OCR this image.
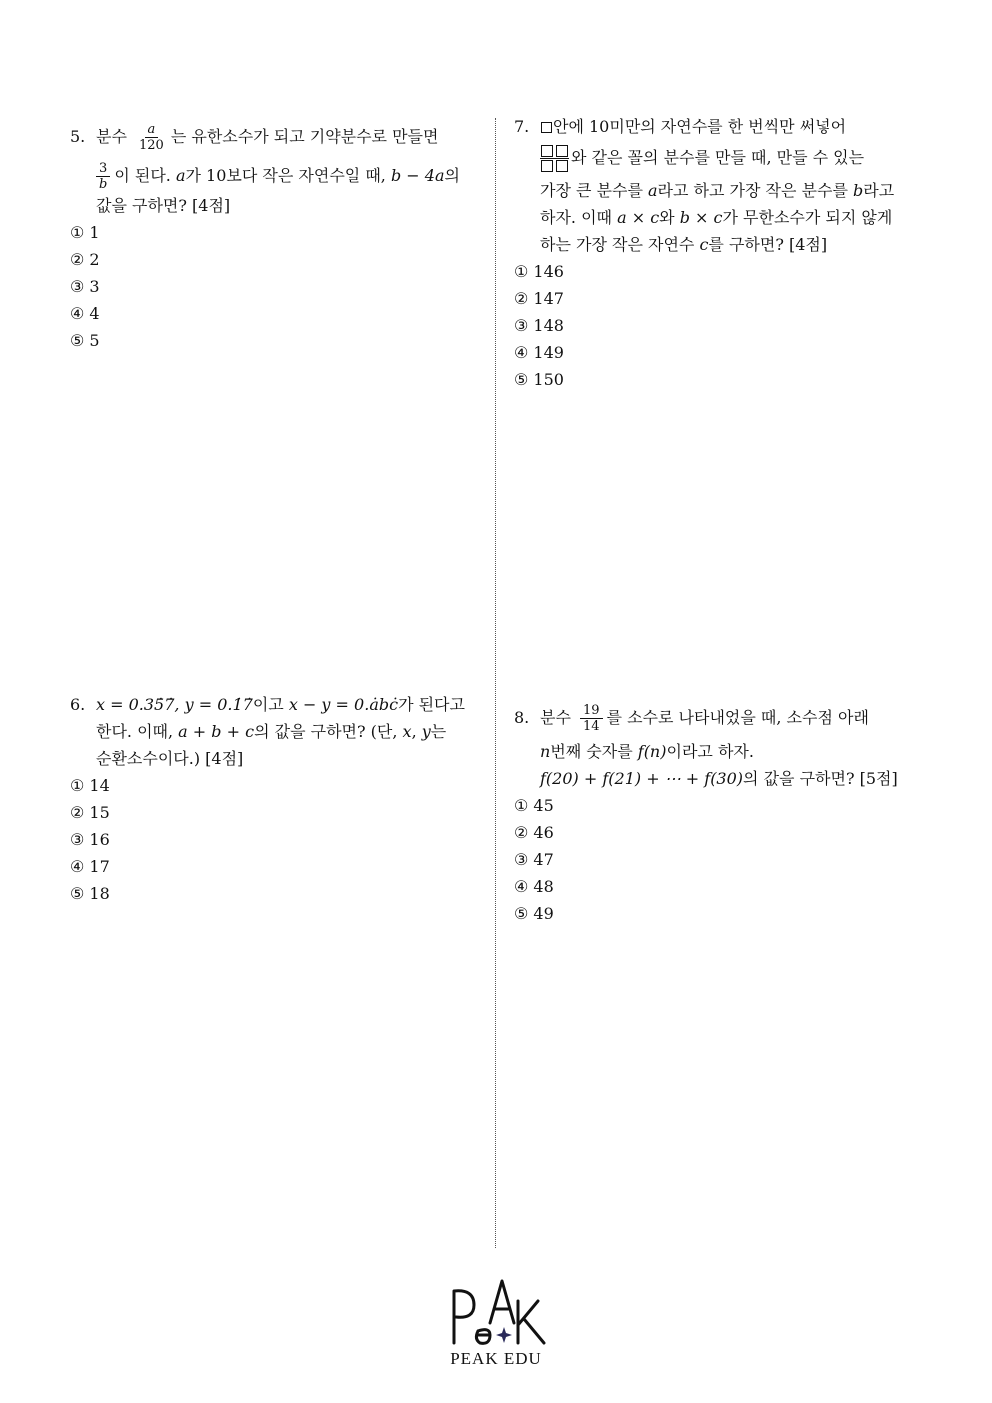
5. 분수 $\frac{a}{120}$ 는 유한소수가 되고 기약분수로 만들면
$\frac{3}{b}$ 이 된다. a가 10보다 작은 자연수일 때, b − 4a의
값을 구하면? [4점]
① 1
② 2
③ 3
④ 4
⑤ 5
6. x = 0.35̇7̇, y = 0.1̇7̇이고 x − y = 0.ȧbċ가 된다고
한다. 이때, a + b + c의 값을 구하면? (단, x, y는
순환소수이다.) [4점]
① 14
② 15
③ 16
④ 17
⑤ 18
7. 안에 10미만의 자연수를 한 번씩만 써넣어
와 같은 꼴의 분수를 만들 때, 만들 수 있는
가장 큰 분수를 a라고 하고 가장 작은 분수를 b라고
하자. 이때 a × c와 b × c가 무한소수가 되지 않게
하는 가장 작은 자연수 c를 구하면? [4점]
① 146
② 147
③ 148
④ 149
⑤ 150
8. 분수 $\frac{19}{14}$ 를 소수로 나타내었을 때, 소수점 아래
n번째 숫자를 f(n)이라고 하자.
f(20) + f(21) + ⋯ + f(30)의 값을 구하면? [5점]
① 45
② 46
③ 47
④ 48
⑤ 49
PEAK EDU
